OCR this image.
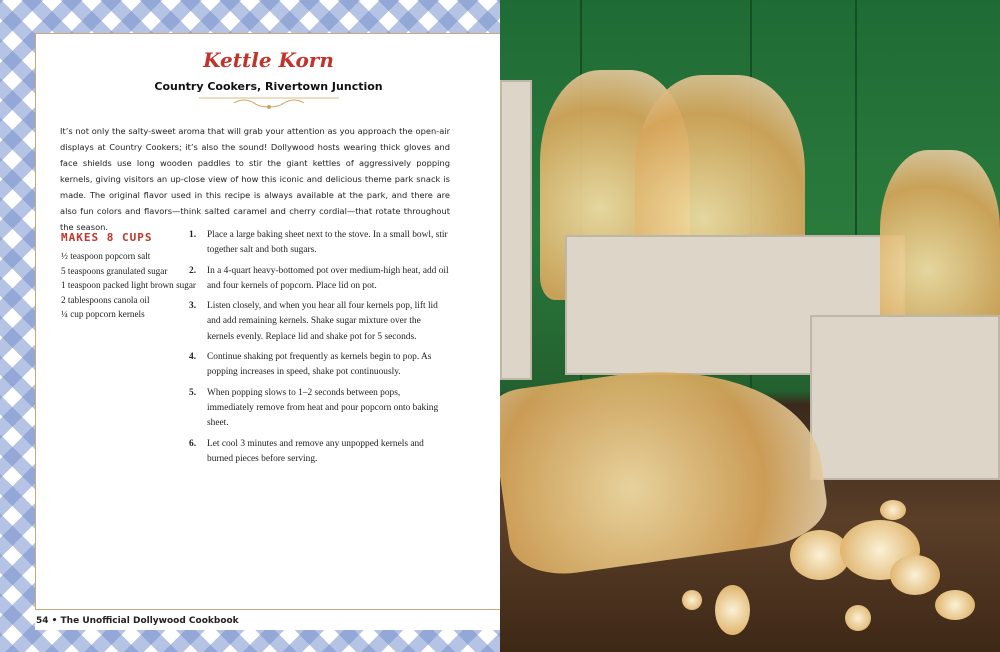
Kettle Korn
Country Cookers, Rivertown Junction

It’s not only the salty-sweet aroma that will grab your attention as you approach the open-air displays at Country Cookers; it’s also the sound! Dollywood hosts wearing thick gloves and face shields use long wooden paddles to stir the giant kettles of aggressively popping kernels, giving visitors an up-close view of how this iconic and delicious theme park snack is made. The original flavor used in this recipe is always available at the park, and there are also fun colors and flavors—think salted caramel and cherry cordial—that rotate throughout the season.

MAKES 8 CUPS
½ teaspoon popcorn salt
5 teaspoons granulated sugar
1 teaspoon packed light brown sugar
2 tablespoons canola oil
¼ cup popcorn kernels
1.	Place a large baking sheet next to the stove. In a small bowl, stir together salt and both sugars.
2.	In a 4-quart heavy-bottomed pot over medium-high heat, add oil and four kernels of popcorn. Place lid on pot.
3.	Listen closely, and when you hear all four kernels pop, lift lid and add remaining kernels. Shake sugar mixture over the kernels evenly. Replace lid and shake pot for 5 seconds.
4.	Continue shaking pot frequently as kernels begin to pop. As popping increases in speed, shake pot continuously.
5.	When popping slows to 1–2 seconds between pops, immediately remove from heat and pour popcorn onto baking sheet.
6.	Let cool 3 minutes and remove any unpopped kernels and burned pieces before serving.
54 • The Unofficial Dollywood Cookbook
